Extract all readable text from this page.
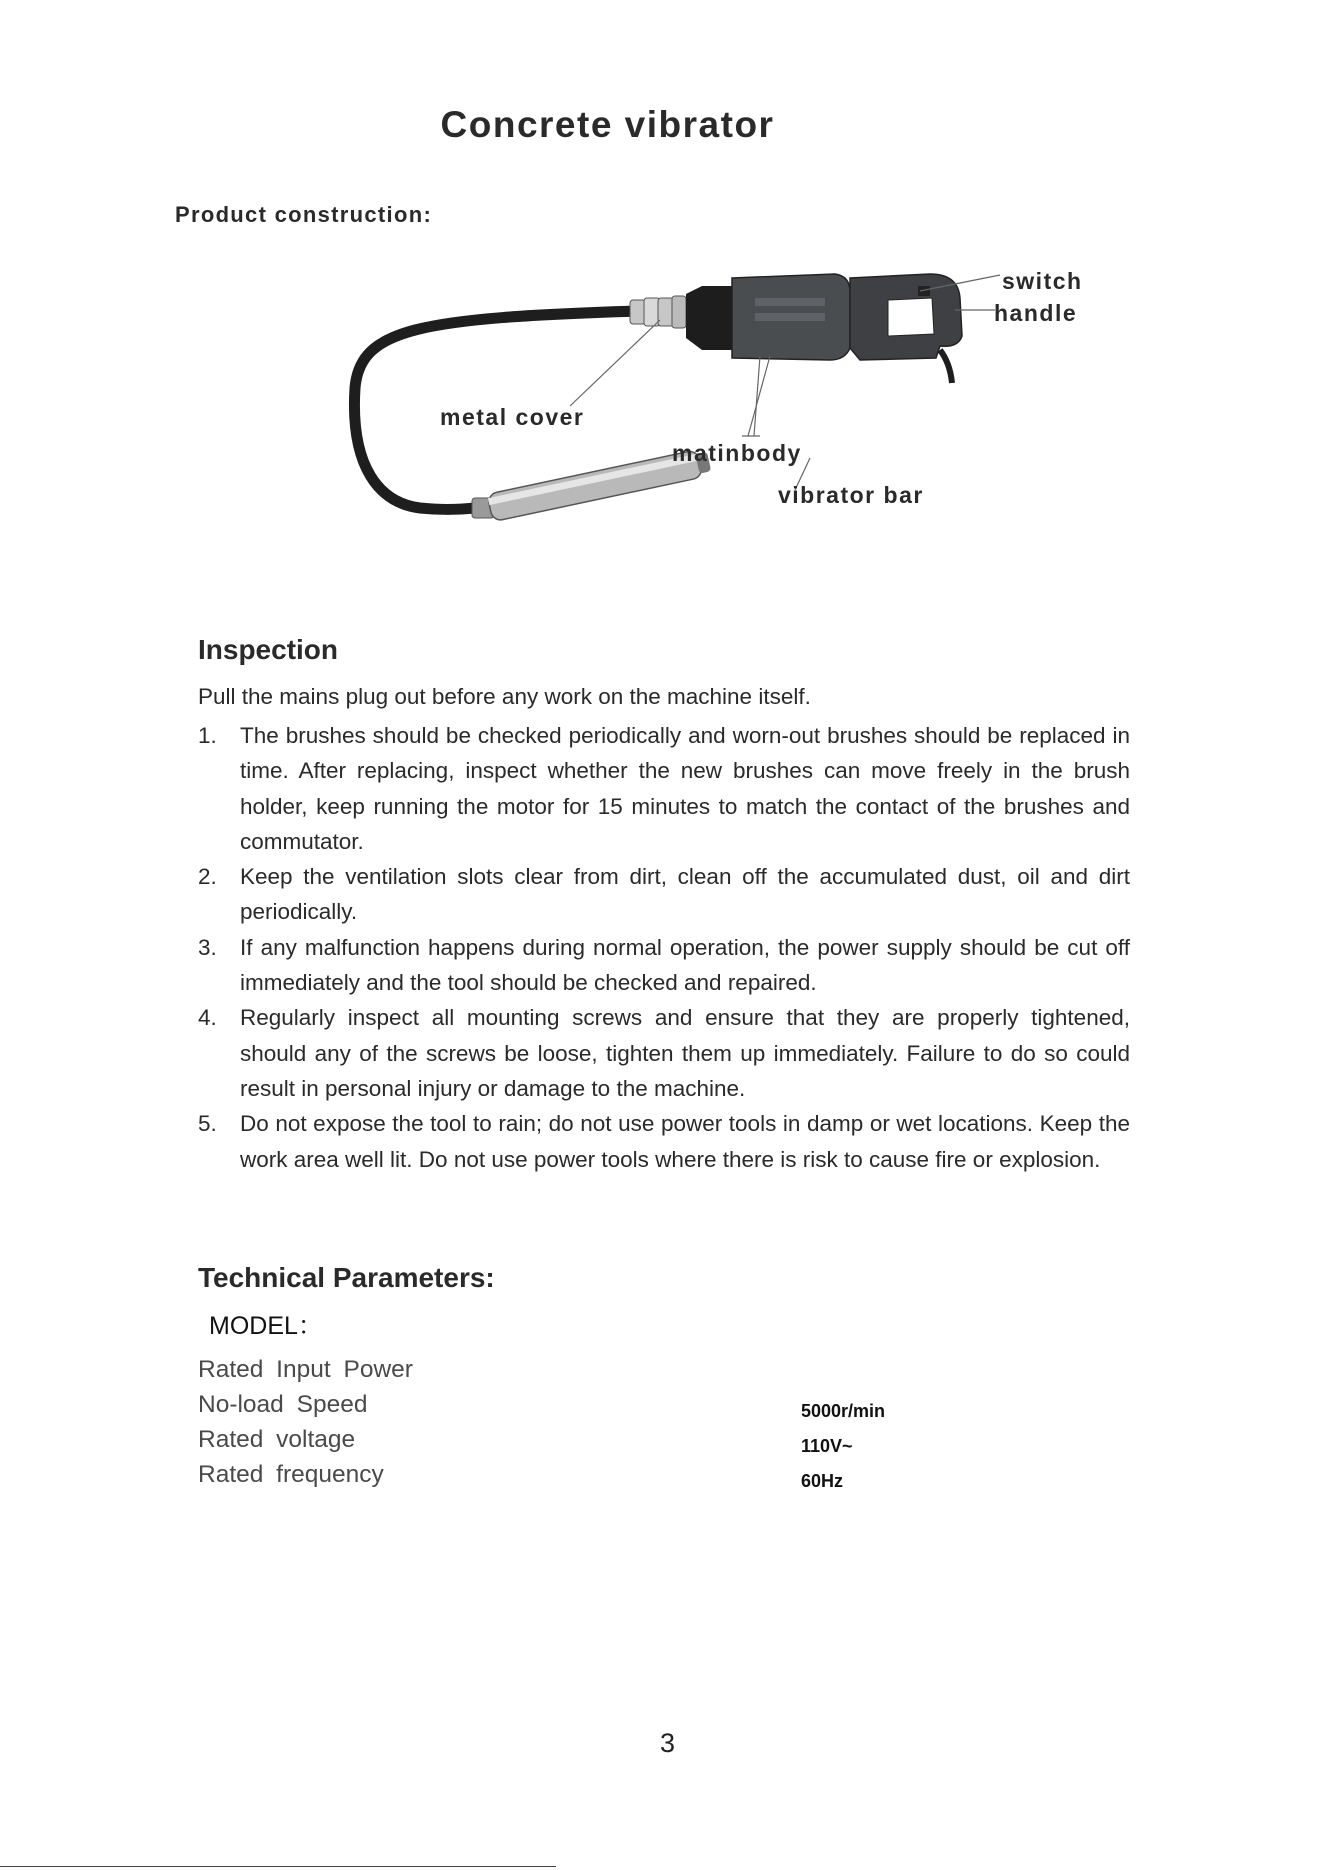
Concrete vibrator
Product construction:
switch
handle
metal cover
matinbody
vibrator bar
Inspection
Pull the mains plug out before any work on the machine itself.
1. The brushes should be checked periodically and worn-out brushes should be replaced in time. After replacing, inspect whether the new brushes can move freely in the brush holder, keep running the motor for 15 minutes to match the contact of the brushes and commutator.
2. Keep the ventilation slots clear from dirt, clean off the accumulated dust, oil and dirt periodically.
3. If any malfunction happens during normal operation, the power supply should be cut off immediately and the tool should be checked and repaired.
4. Regularly inspect all mounting screws and ensure that they are properly tightened, should any of the screws be loose, tighten them up immediately. Failure to do so could result in personal injury or damage to the machine.
5. Do not expose the tool to rain; do not use power tools in damp or wet locations. Keep the work area well lit. Do not use power tools where there is risk to cause fire or explosion.
Technical Parameters:
MODEL：
Rated Input Power
No-load Speed	5000r/min
Rated voltage	110V~
Rated frequency	60Hz
3
